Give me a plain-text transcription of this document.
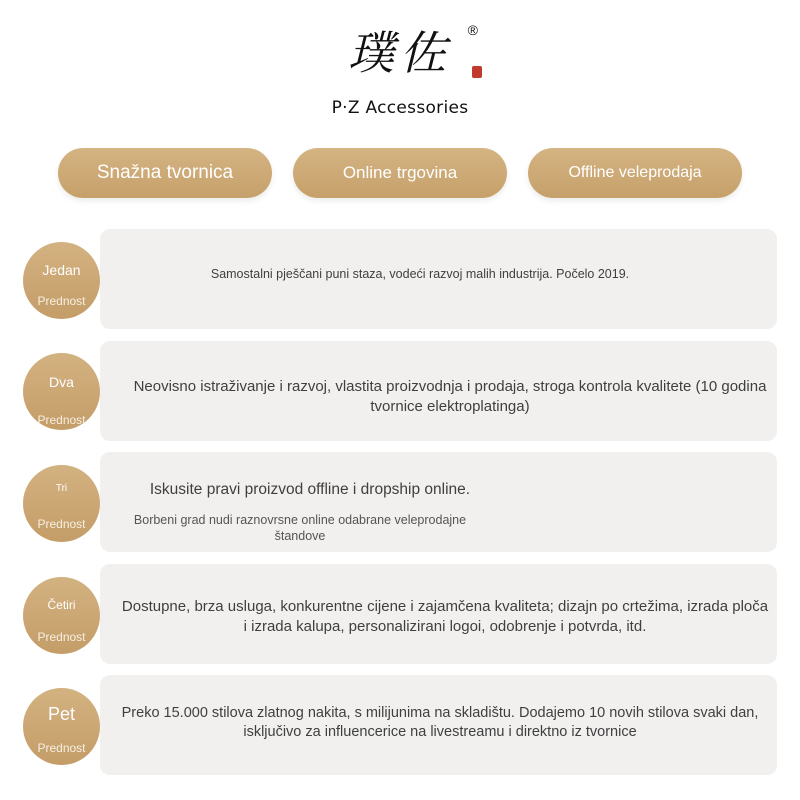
璞佐 ®
P·Z Accessories
Snažna tvornica	Online trgovina	Offline veleprodaja
Samostalni pješčani puni staza, vodeći razvoj malih industrija. Počelo 2019.
Jedan
Prednost
Neovisno istraživanje i razvoj, vlastita proizvodnja i prodaja, stroga kontrola kvalitete (10 godina tvornice elektroplatinga)
Dva
Prednost
Iskusite pravi proizvod offline i dropship online.
Borbeni grad nudi raznovrsne online odabrane veleprodajne štandove
Tri
Prednost
Dostupne, brza usluga, konkurentne cijene i zajamčena kvaliteta; dizajn po crtežima, izrada ploča i izrada kalupa, personalizirani logoi, odobrenje i potvrda, itd.
Četiri
Prednost
Preko 15.000 stilova zlatnog nakita, s milijunima na skladištu. Dodajemo 10 novih stilova svaki dan, isključivo za influencerice na livestreamu i direktno iz tvornice
Pet
Prednost
